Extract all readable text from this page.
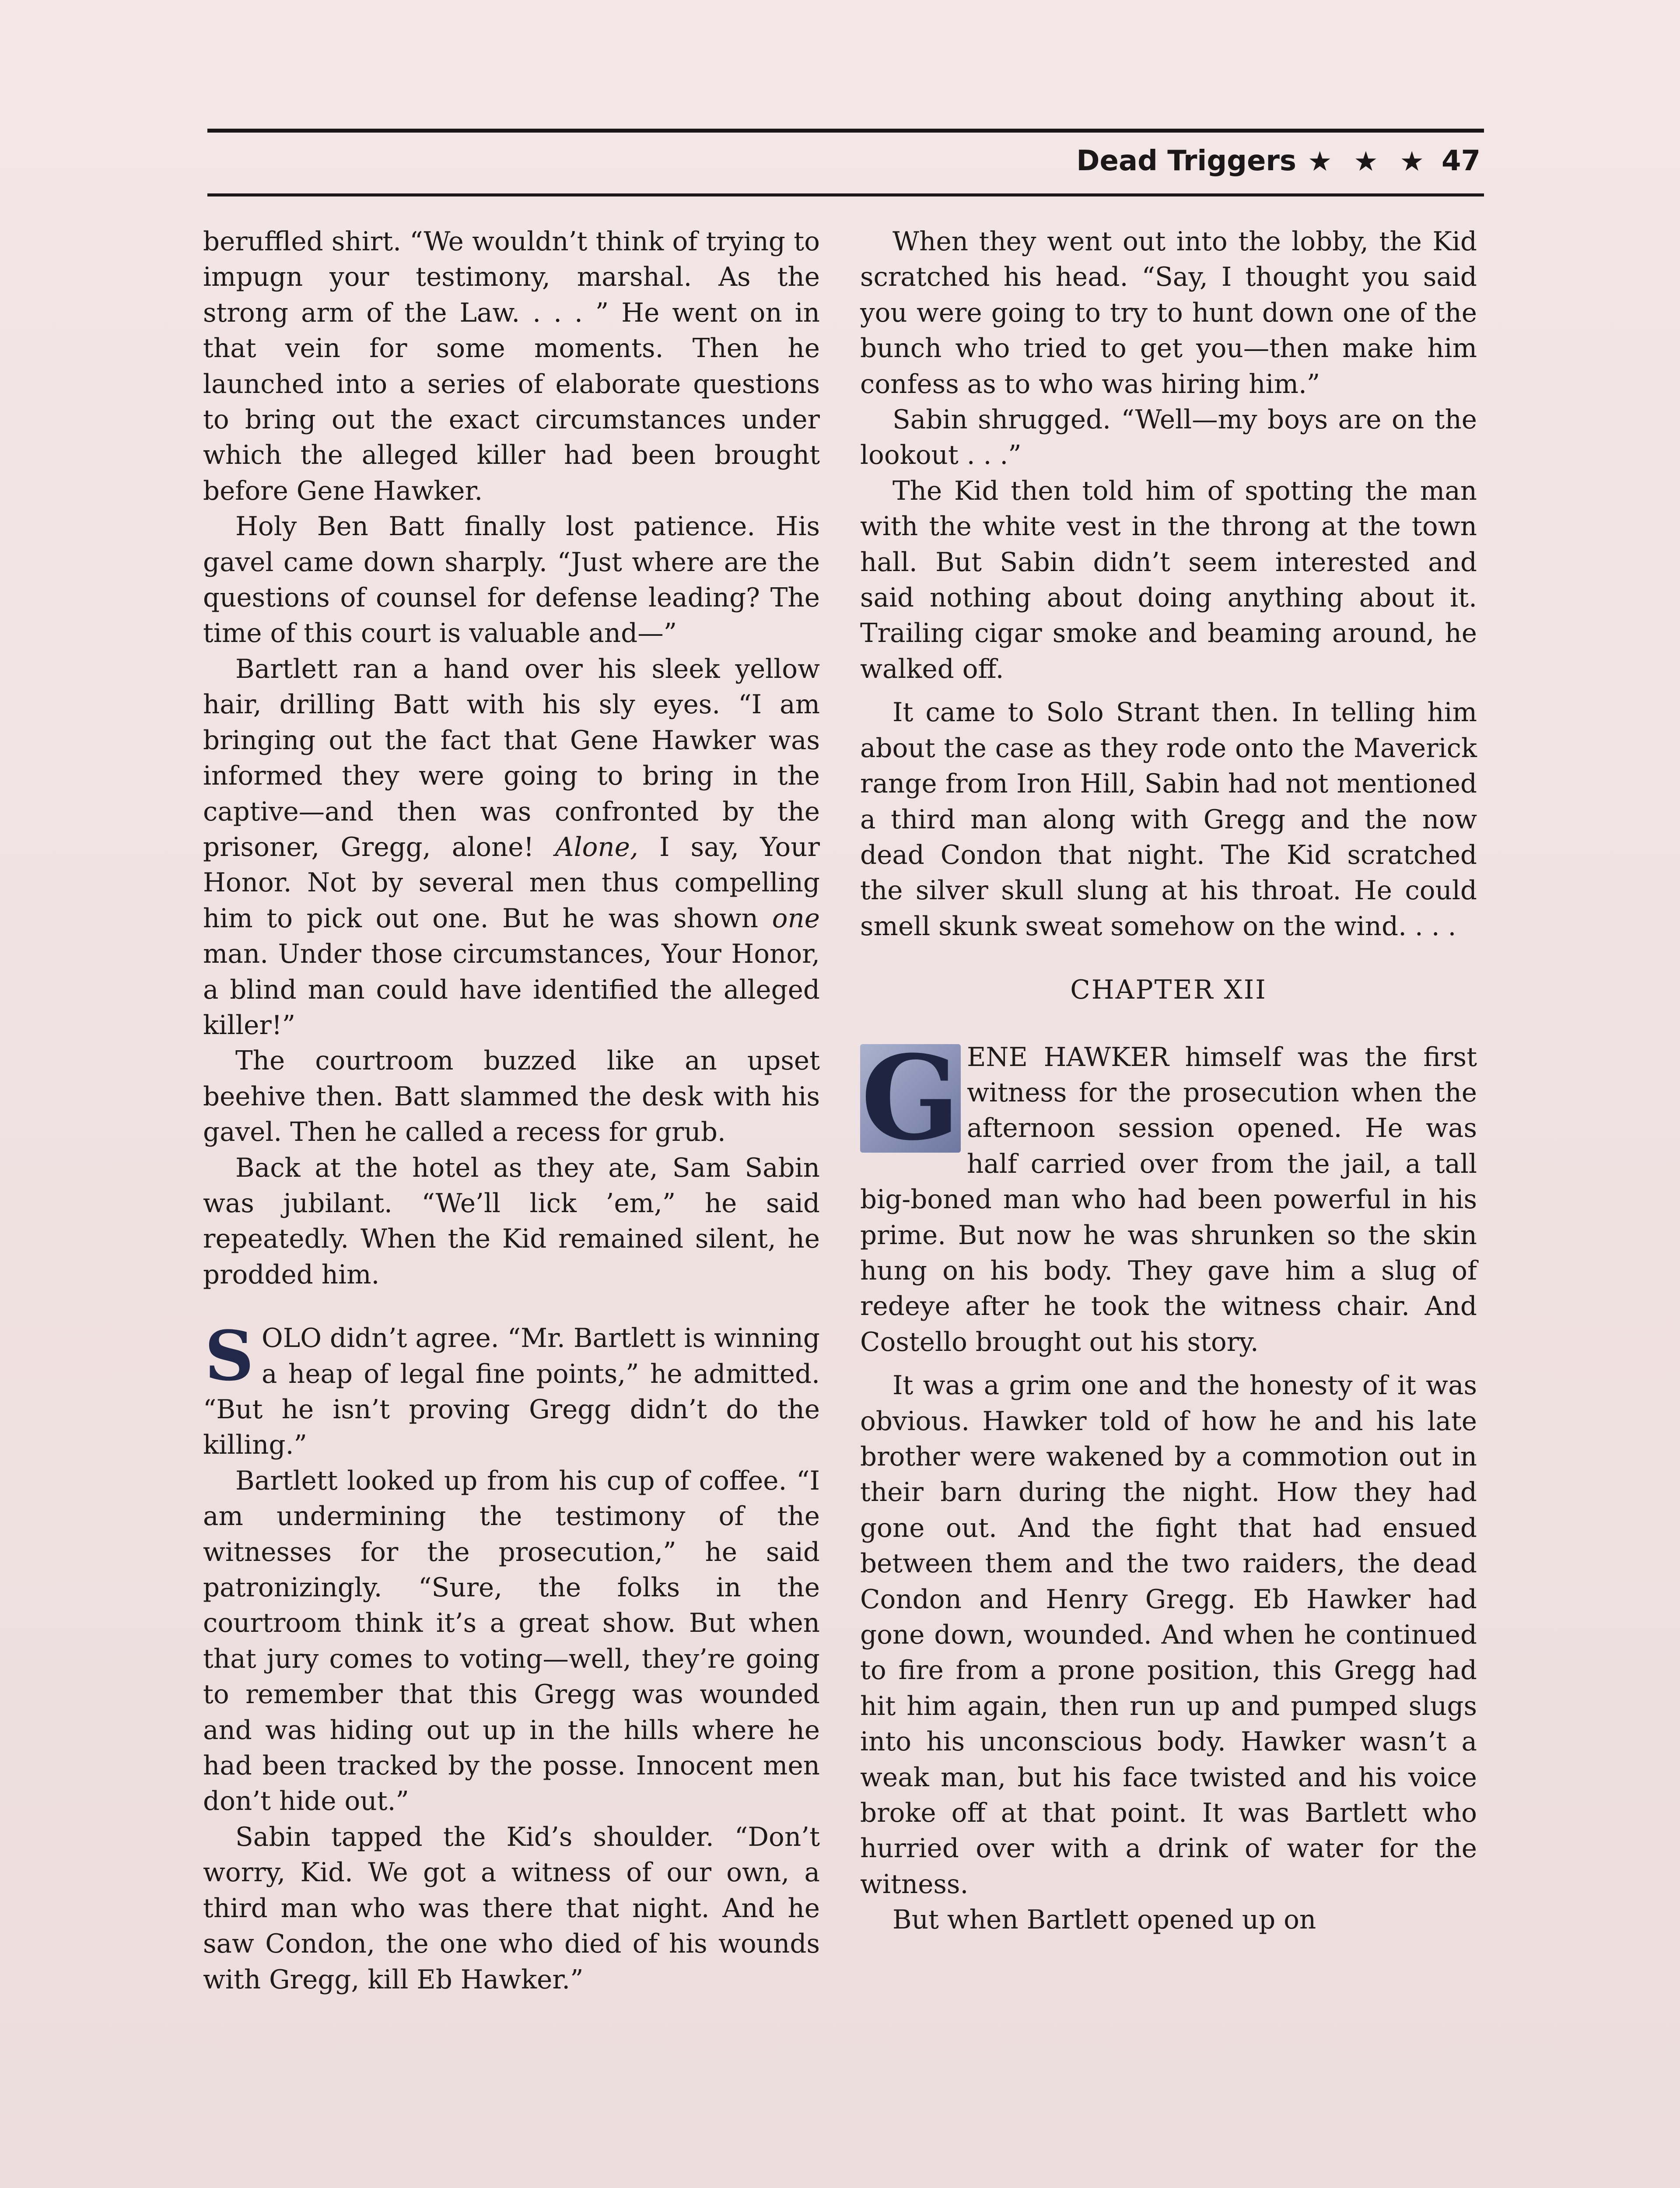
Dead Triggers ★ ★ ★ 47

beruffled shirt. “We wouldn’t think of trying to impugn your testimony, marshal. As the strong arm of the Law. . . . ” He went on in that vein for some moments. Then he launched into a series of elaborate questions to bring out the exact circumstances under which the alleged killer had been brought before Gene Hawker.

Holy Ben Batt finally lost patience. His gavel came down sharply. “Just where are the questions of counsel for defense leading? The time of this court is valuable and—”

Bartlett ran a hand over his sleek yellow hair, drilling Batt with his sly eyes. “I am bringing out the fact that Gene Hawker was informed they were going to bring in the captive—and then was confronted by the prisoner, Gregg, alone! Alone, I say, Your Honor. Not by several men thus compelling him to pick out one. But he was shown one man. Under those circumstances, Your Honor, a blind man could have identified the alleged killer!”

The courtroom buzzed like an upset beehive then. Batt slammed the desk with his gavel. Then he called a recess for grub.

Back at the hotel as they ate, Sam Sabin was jubilant. “We’ll lick ’em,” he said repeatedly. When the Kid remained silent, he prodded him.

SOLO didn’t agree. “Mr. Bartlett is winning a heap of legal fine points,” he admitted. “But he isn’t proving Gregg didn’t do the killing.”

Bartlett looked up from his cup of coffee. “I am undermining the testimony of the witnesses for the prosecution,” he said patronizingly. “Sure, the folks in the courtroom think it’s a great show. But when that jury comes to voting—well, they’re going to remember that this Gregg was wounded and was hiding out up in the hills where he had been tracked by the posse. Innocent men don’t hide out.”

Sabin tapped the Kid’s shoulder. “Don’t worry, Kid. We got a witness of our own, a third man who was there that night. And he saw Condon, the one who died of his wounds with Gregg, kill Eb Hawker.”

When they went out into the lobby, the Kid scratched his head. “Say, I thought you said you were going to try to hunt down one of the bunch who tried to get you—then make him confess as to who was hiring him.”

Sabin shrugged. “Well—my boys are on the lookout . . .”

The Kid then told him of spotting the man with the white vest in the throng at the town hall. But Sabin didn’t seem interested and said nothing about doing anything about it. Trailing cigar smoke and beaming around, he walked off.

It came to Solo Strant then. In telling him about the case as they rode onto the Maverick range from Iron Hill, Sabin had not mentioned a third man along with Gregg and the now dead Condon that night. The Kid scratched the silver skull slung at his throat. He could smell skunk sweat somehow on the wind. . . .

CHAPTER XII

G ENE HAWKER himself was the first witness for the prosecution when the afternoon session opened. He was half carried over from the jail, a tall big-boned man who had been powerful in his prime. But now he was shrunken so the skin hung on his body. They gave him a slug of redeye after he took the witness chair. And Costello brought out his story.

It was a grim one and the honesty of it was obvious. Hawker told of how he and his late brother were wakened by a commotion out in their barn during the night. How they had gone out. And the fight that had ensued between them and the two raiders, the dead Condon and Henry Gregg. Eb Hawker had gone down, wounded. And when he continued to fire from a prone position, this Gregg had hit him again, then run up and pumped slugs into his unconscious body. Hawker wasn’t a weak man, but his face twisted and his voice broke off at that point. It was Bartlett who hurried over with a drink of water for the witness.

But when Bartlett opened up on
